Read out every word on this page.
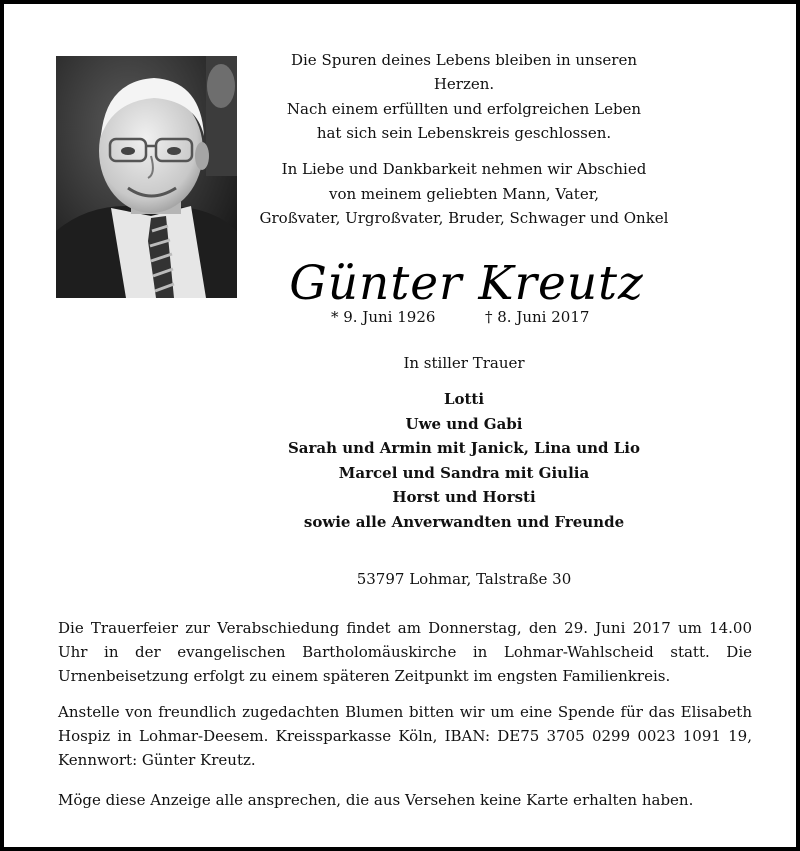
Die Spuren deines Lebens bleiben in unseren Herzen.
Nach einem erfüllten und erfolgreichen Leben
hat sich sein Lebenskreis geschlossen.
In Liebe und Dankbarkeit nehmen wir Abschied
von meinem geliebten Mann, Vater,
Großvater, Urgroßvater, Bruder, Schwager und Onkel
Günter Kreutz
* 9. Juni 1926	† 8. Juni 2017
In stiller Trauer
Lotti
Uwe und Gabi
Sarah und Armin mit Janick, Lina und Lio
Marcel und Sandra mit Giulia
Horst und Horsti
sowie alle Anverwandten und Freunde
53797 Lohmar, Talstraße 30
Die Trauerfeier zur Verabschiedung findet am Donnerstag, den 29. Juni 2017 um 14.00 Uhr in der evangelischen Bartholomäuskirche in Lohmar-Wahlscheid statt. Die Urnenbeisetzung erfolgt zu einem späteren Zeitpunkt im engsten Familienkreis.
Anstelle von freundlich zugedachten Blumen bitten wir um eine Spende für das Elisabeth Hospiz in Lohmar-Deesem. Kreissparkasse Köln, IBAN: DE75 3705 0299 0023 1091 19, Kennwort: Günter Kreutz.
Möge diese Anzeige alle ansprechen, die aus Versehen keine Karte erhalten haben.
